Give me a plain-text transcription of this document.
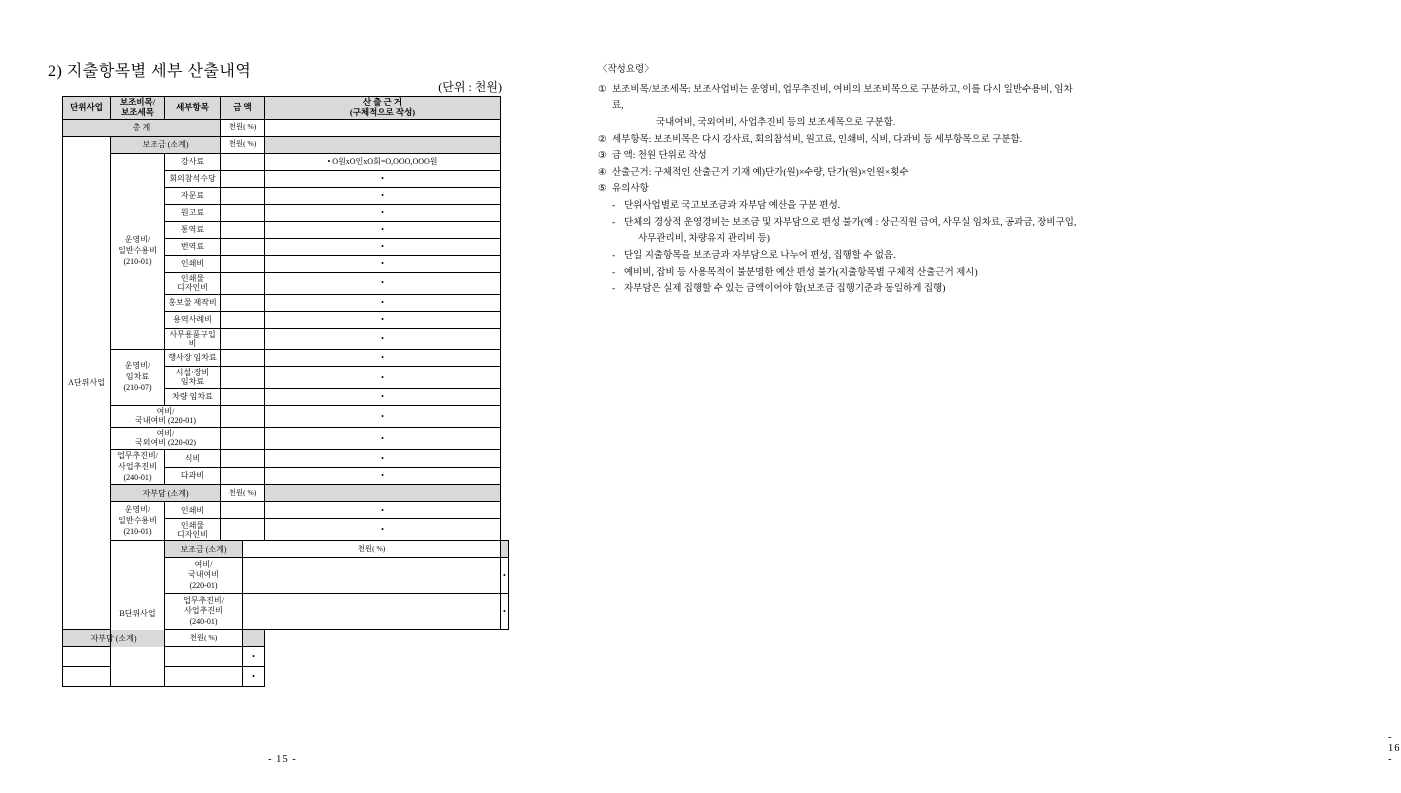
2) 지출항목별 세부 산출내역
(단위 : 천원)
단위사업	보조비목/
보조세목	세부항목	금 액		산 출 근 거
(구체적으로 작성)	
총 계			천원( %)			
A단위사업	보조금 (소계)		천원( %)			
	운영비/
일반수용비
(210-01)	강사료			• O원xO인xO회=O,OOO,OOO원	
		회의참석수당			•	
		자문료			•	
		원고료			•	
		통역료			•	
		번역료			•	
		인쇄비			•	
		인쇄물
디자인비			•	
		홍보물 제작비			•	
		용역사례비			•	
		사무용품구입비			•	
	운영비/
임차료
(210-07)	행사장 임차료			•	
		시설·장비
임차료			•	
		차량 임차료			•	
	여비/
국내여비 (220-01)				•	
	여비/
국외여비 (220-02)				•	
	업무추진비/
사업추진비
(240-01)	식비			•	
		다과비			•	
	자부담 (소계)		천원( %)			
	운영비/
일반수용비
(210-01)	인쇄비			•	
		인쇄물
디자인비			•	
	B단위사업	보조금 (소계)		천원( %)		
		여비/
국내여비
(220-01)				•
		업무추진비/
사업추진비
(240-01)				•
자부담 (소계)		천원( %)				
				•		
				•		
- 15 -
〈작성요령〉
① 보조비목/보조세목: 보조사업비는 운영비, 업무추진비, 여비의 보조비목으로 구분하고, 이를 다시 일반수용비, 임차료,
국내여비, 국외여비, 사업추진비 등의 보조세목으로 구분함.
② 세부항목: 보조비목은 다시 강사료, 회의참석비, 원고료, 인쇄비, 식비, 다과비 등 세부항목으로 구분함.
③ 금 액: 천원 단위로 작성
④ 산출근거: 구체적인 산출근거 기재 예)단가(원)×수량, 단가(원)×인원×횟수
⑤ 유의사항
- 단위사업별로 국고보조금과 자부담 예산을 구분 편성.
- 단체의 경상적 운영경비는 보조금 및 자부담으로 편성 불가(예 : 상근직원 급여, 사무실 임차료, 공과금, 장비구입,
사무관리비, 차량유지 관리비 등)
- 단일 지출항목을 보조금과 자부담으로 나누어 편성, 집행할 수 없음.
- 예비비, 잡비 등 사용목적이 불분명한 예산 편성 불가(지출항목별 구체적 산출근거 제시)
- 자부담은 실제 집행할 수 있는 금액이어야 함(보조금 집행기준과 동일하게 집행)
- 16 -
